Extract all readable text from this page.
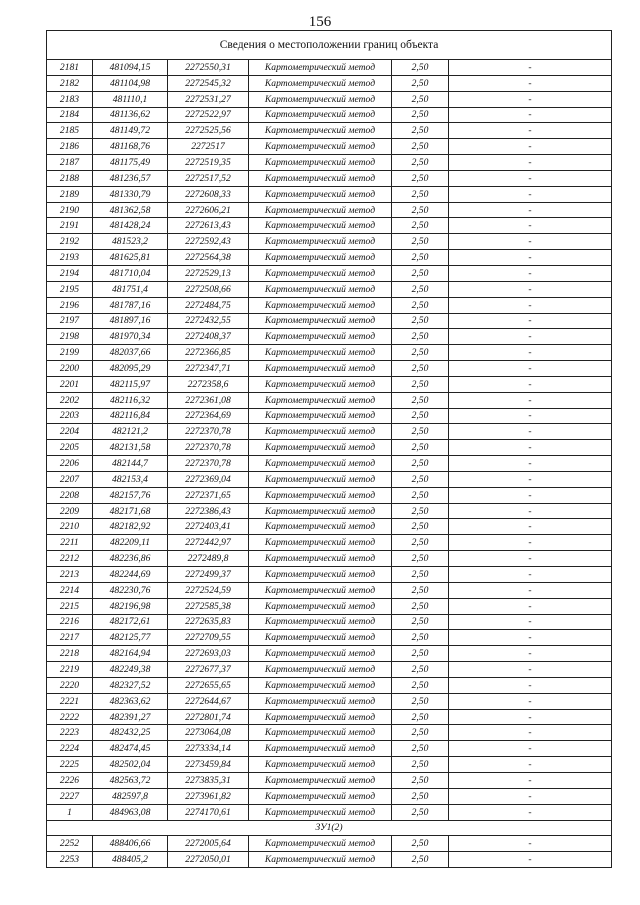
156
Сведения о местоположении границ объекта					
2181	481094,15	2272550,31	Картометрический метод	2,50	-
2182	481104,98	2272545,32	Картометрический метод	2,50	-
2183	481110,1	2272531,27	Картометрический метод	2,50	-
2184	481136,62	2272522,97	Картометрический метод	2,50	-
2185	481149,72	2272525,56	Картометрический метод	2,50	-
2186	481168,76	2272517	Картометрический метод	2,50	-
2187	481175,49	2272519,35	Картометрический метод	2,50	-
2188	481236,57	2272517,52	Картометрический метод	2,50	-
2189	481330,79	2272608,33	Картометрический метод	2,50	-
2190	481362,58	2272606,21	Картометрический метод	2,50	-
2191	481428,24	2272613,43	Картометрический метод	2,50	-
2192	481523,2	2272592,43	Картометрический метод	2,50	-
2193	481625,81	2272564,38	Картометрический метод	2,50	-
2194	481710,04	2272529,13	Картометрический метод	2,50	-
2195	481751,4	2272508,66	Картометрический метод	2,50	-
2196	481787,16	2272484,75	Картометрический метод	2,50	-
2197	481897,16	2272432,55	Картометрический метод	2,50	-
2198	481970,34	2272408,37	Картометрический метод	2,50	-
2199	482037,66	2272366,85	Картометрический метод	2,50	-
2200	482095,29	2272347,71	Картометрический метод	2,50	-
2201	482115,97	2272358,6	Картометрический метод	2,50	-
2202	482116,32	2272361,08	Картометрический метод	2,50	-
2203	482116,84	2272364,69	Картометрический метод	2,50	-
2204	482121,2	2272370,78	Картометрический метод	2,50	-
2205	482131,58	2272370,78	Картометрический метод	2,50	-
2206	482144,7	2272370,78	Картометрический метод	2,50	-
2207	482153,4	2272369,04	Картометрический метод	2,50	-
2208	482157,76	2272371,65	Картометрический метод	2,50	-
2209	482171,68	2272386,43	Картометрический метод	2,50	-
2210	482182,92	2272403,41	Картометрический метод	2,50	-
2211	482209,11	2272442,97	Картометрический метод	2,50	-
2212	482236,86	2272489,8	Картометрический метод	2,50	-
2213	482244,69	2272499,37	Картометрический метод	2,50	-
2214	482230,76	2272524,59	Картометрический метод	2,50	-
2215	482196,98	2272585,38	Картометрический метод	2,50	-
2216	482172,61	2272635,83	Картометрический метод	2,50	-
2217	482125,77	2272709,55	Картометрический метод	2,50	-
2218	482164,94	2272693,03	Картометрический метод	2,50	-
2219	482249,38	2272677,37	Картометрический метод	2,50	-
2220	482327,52	2272655,65	Картометрический метод	2,50	-
2221	482363,62	2272644,67	Картометрический метод	2,50	-
2222	482391,27	2272801,74	Картометрический метод	2,50	-
2223	482432,25	2273064,08	Картометрический метод	2,50	-
2224	482474,45	2273334,14	Картометрический метод	2,50	-
2225	482502,04	2273459,84	Картометрический метод	2,50	-
2226	482563,72	2273835,31	Картометрический метод	2,50	-
2227	482597,8	2273961,82	Картометрический метод	2,50	-
1	484963,08	2274170,61	Картометрический метод	2,50	-
ЗУ1(2)					
2252	488406,66	2272005,64	Картометрический метод	2,50	-
2253	488405,2	2272050,01	Картометрический метод	2,50	-
